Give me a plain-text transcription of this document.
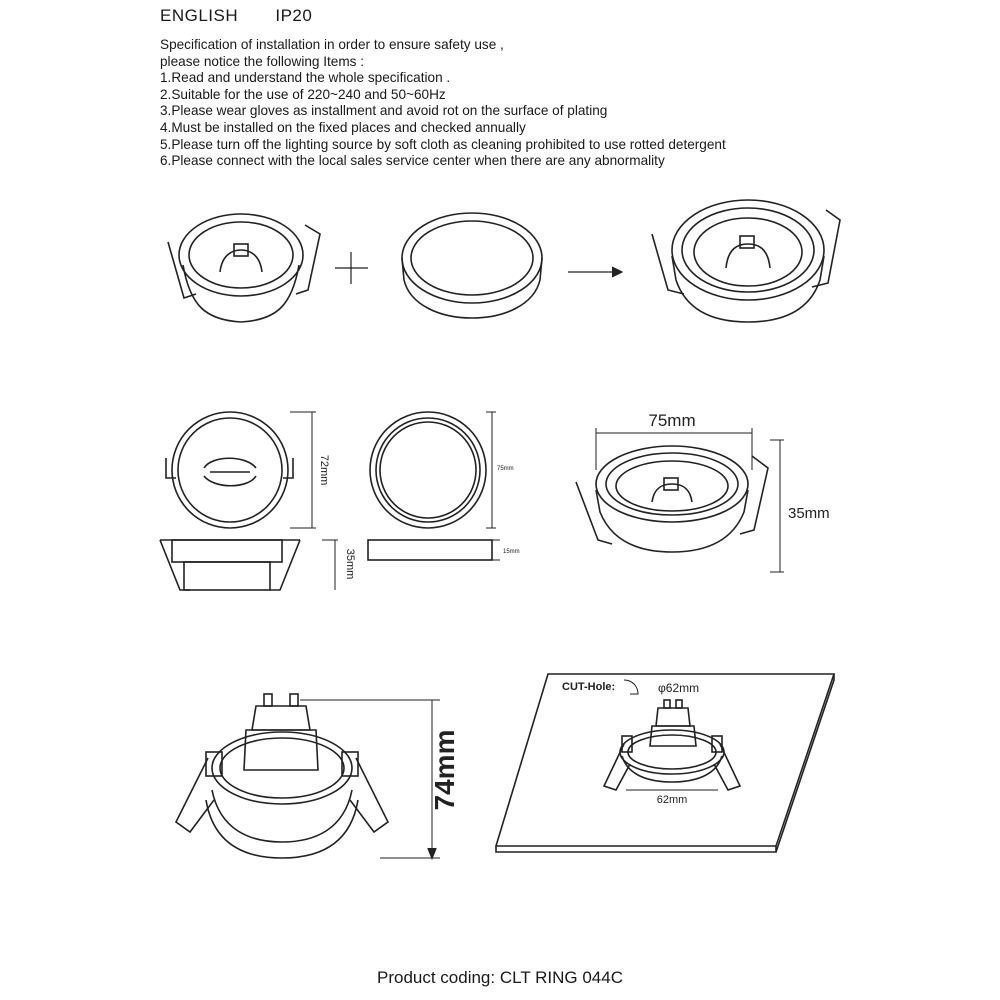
ENGLISH IP20
Specification of installation in order to ensure safety use ,
please notice the following Items :
1.Read and understand the whole specification .
2.Suitable for the use of 220~240 and 50~60Hz
3.Please wear gloves as installment and avoid rot on the surface of plating
4.Must be installed on the fixed places and checked annually
5.Please turn off the lighting source by soft cloth as cleaning prohibited to use rotted detergent
6.Please connect with the local sales service center when there are any abnormality
72mm
35mm
75mm
15mm
75mm
35mm
74mm
CUT-Hole:	φ62mm
62mm
Product coding: CLT RING 044C
